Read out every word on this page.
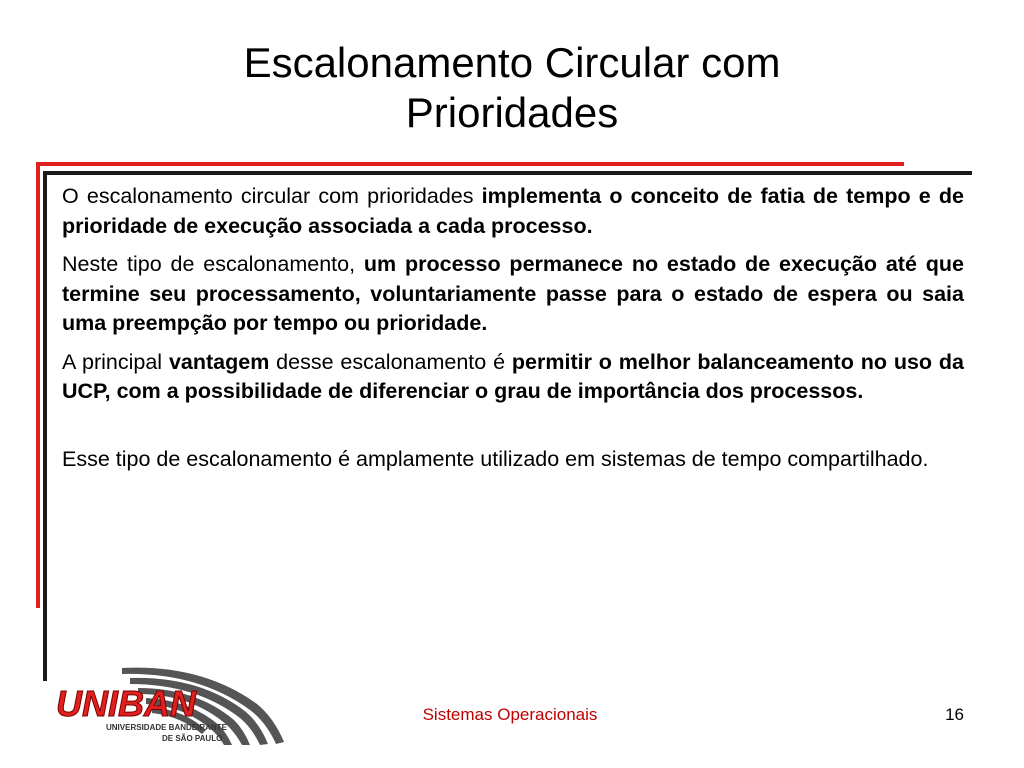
Escalonamento Circular com
Prioridades

O escalonamento circular com prioridades implementa o conceito de fatia de tempo e de prioridade de execução associada a cada processo.

Neste tipo de escalonamento, um processo permanece no estado de execução até que termine seu processamento, voluntariamente passe para o estado de espera ou saia uma preempção por tempo ou prioridade.

A principal vantagem desse escalonamento é permitir o melhor balanceamento no uso da UCP, com a possibilidade de diferenciar o grau de importância dos processos.

Esse tipo de escalonamento é amplamente utilizado em sistemas de tempo compartilhado.

UNIBAN
UNIVERSIDADE BANDEIRANTE
DE SÃO PAULO
Sistemas Operacionais	16
